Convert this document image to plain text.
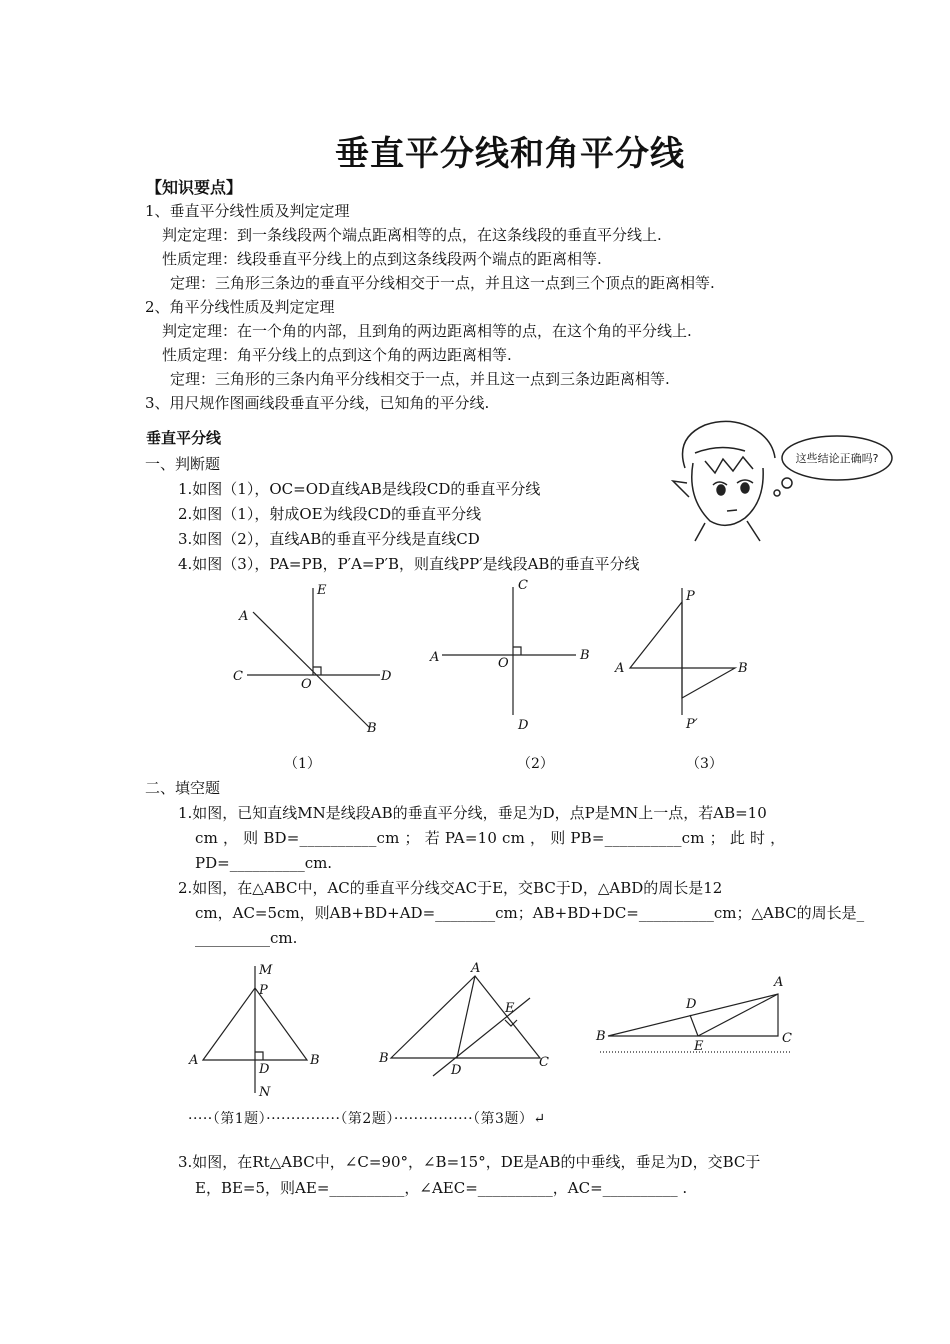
垂直平分线和角平分线
【知识要点】
1、垂直平分线性质及判定定理
判定定理：到一条线段两个端点距离相等的点，在这条线段的垂直平分线上.
性质定理：线段垂直平分线上的点到这条线段两个端点的距离相等.
定理：三角形三条边的垂直平分线相交于一点，并且这一点到三个顶点的距离相等.
2、角平分线性质及判定定理
判定定理：在一个角的内部，且到角的两边距离相等的点，在这个角的平分线上.
性质定理：角平分线上的点到这个角的两边距离相等.
定理：三角形的三条内角平分线相交于一点，并且这一点到三条边距离相等.
3、用尺规作图画线段垂直平分线，已知角的平分线.
垂直平分线
一、判断题
1.如图（1），OC=OD直线AB是线段CD的垂直平分线
2.如图（1），射成OE为线段CD的垂直平分线
3.如图（2），直线AB的垂直平分线是直线CD
4.如图（3），PA=PB，P′A=P′B，则直线PP′是线段AB的垂直平分线
这些结论正确吗?
A
E
C
O
D
B
C
A	O
B
D
P
A	B
P′
（1）	（2）	（3）
二、填空题
1.如图，已知直线MN是线段AB的垂直平分线，垂足为D，点P是MN上一点，若AB=10
cm ， 则 BD=__________cm ； 若 PA=10 cm ， 则 PB=__________cm ； 此 时 ，
PD=__________cm.
2.如图，在△ABC中，AC的垂直平分线交AC于E，交BC于D，△ABD的周长是12
cm，AC=5cm，则AB+BD+AD=________cm；AB+BD+DC=__________cm；△ABC的周长是_
__________cm.
M
P
A
D
B
N
A
E
B
D
C
A
D
B
E
C
·····（第1题）···············（第2题）················（第3题）↵
3.如图，在Rt△ABC中，∠C=90°，∠B=15°，DE是AB的中垂线，垂足为D，交BC于
E，BE=5，则AE=__________，∠AEC=__________，AC=__________ .
